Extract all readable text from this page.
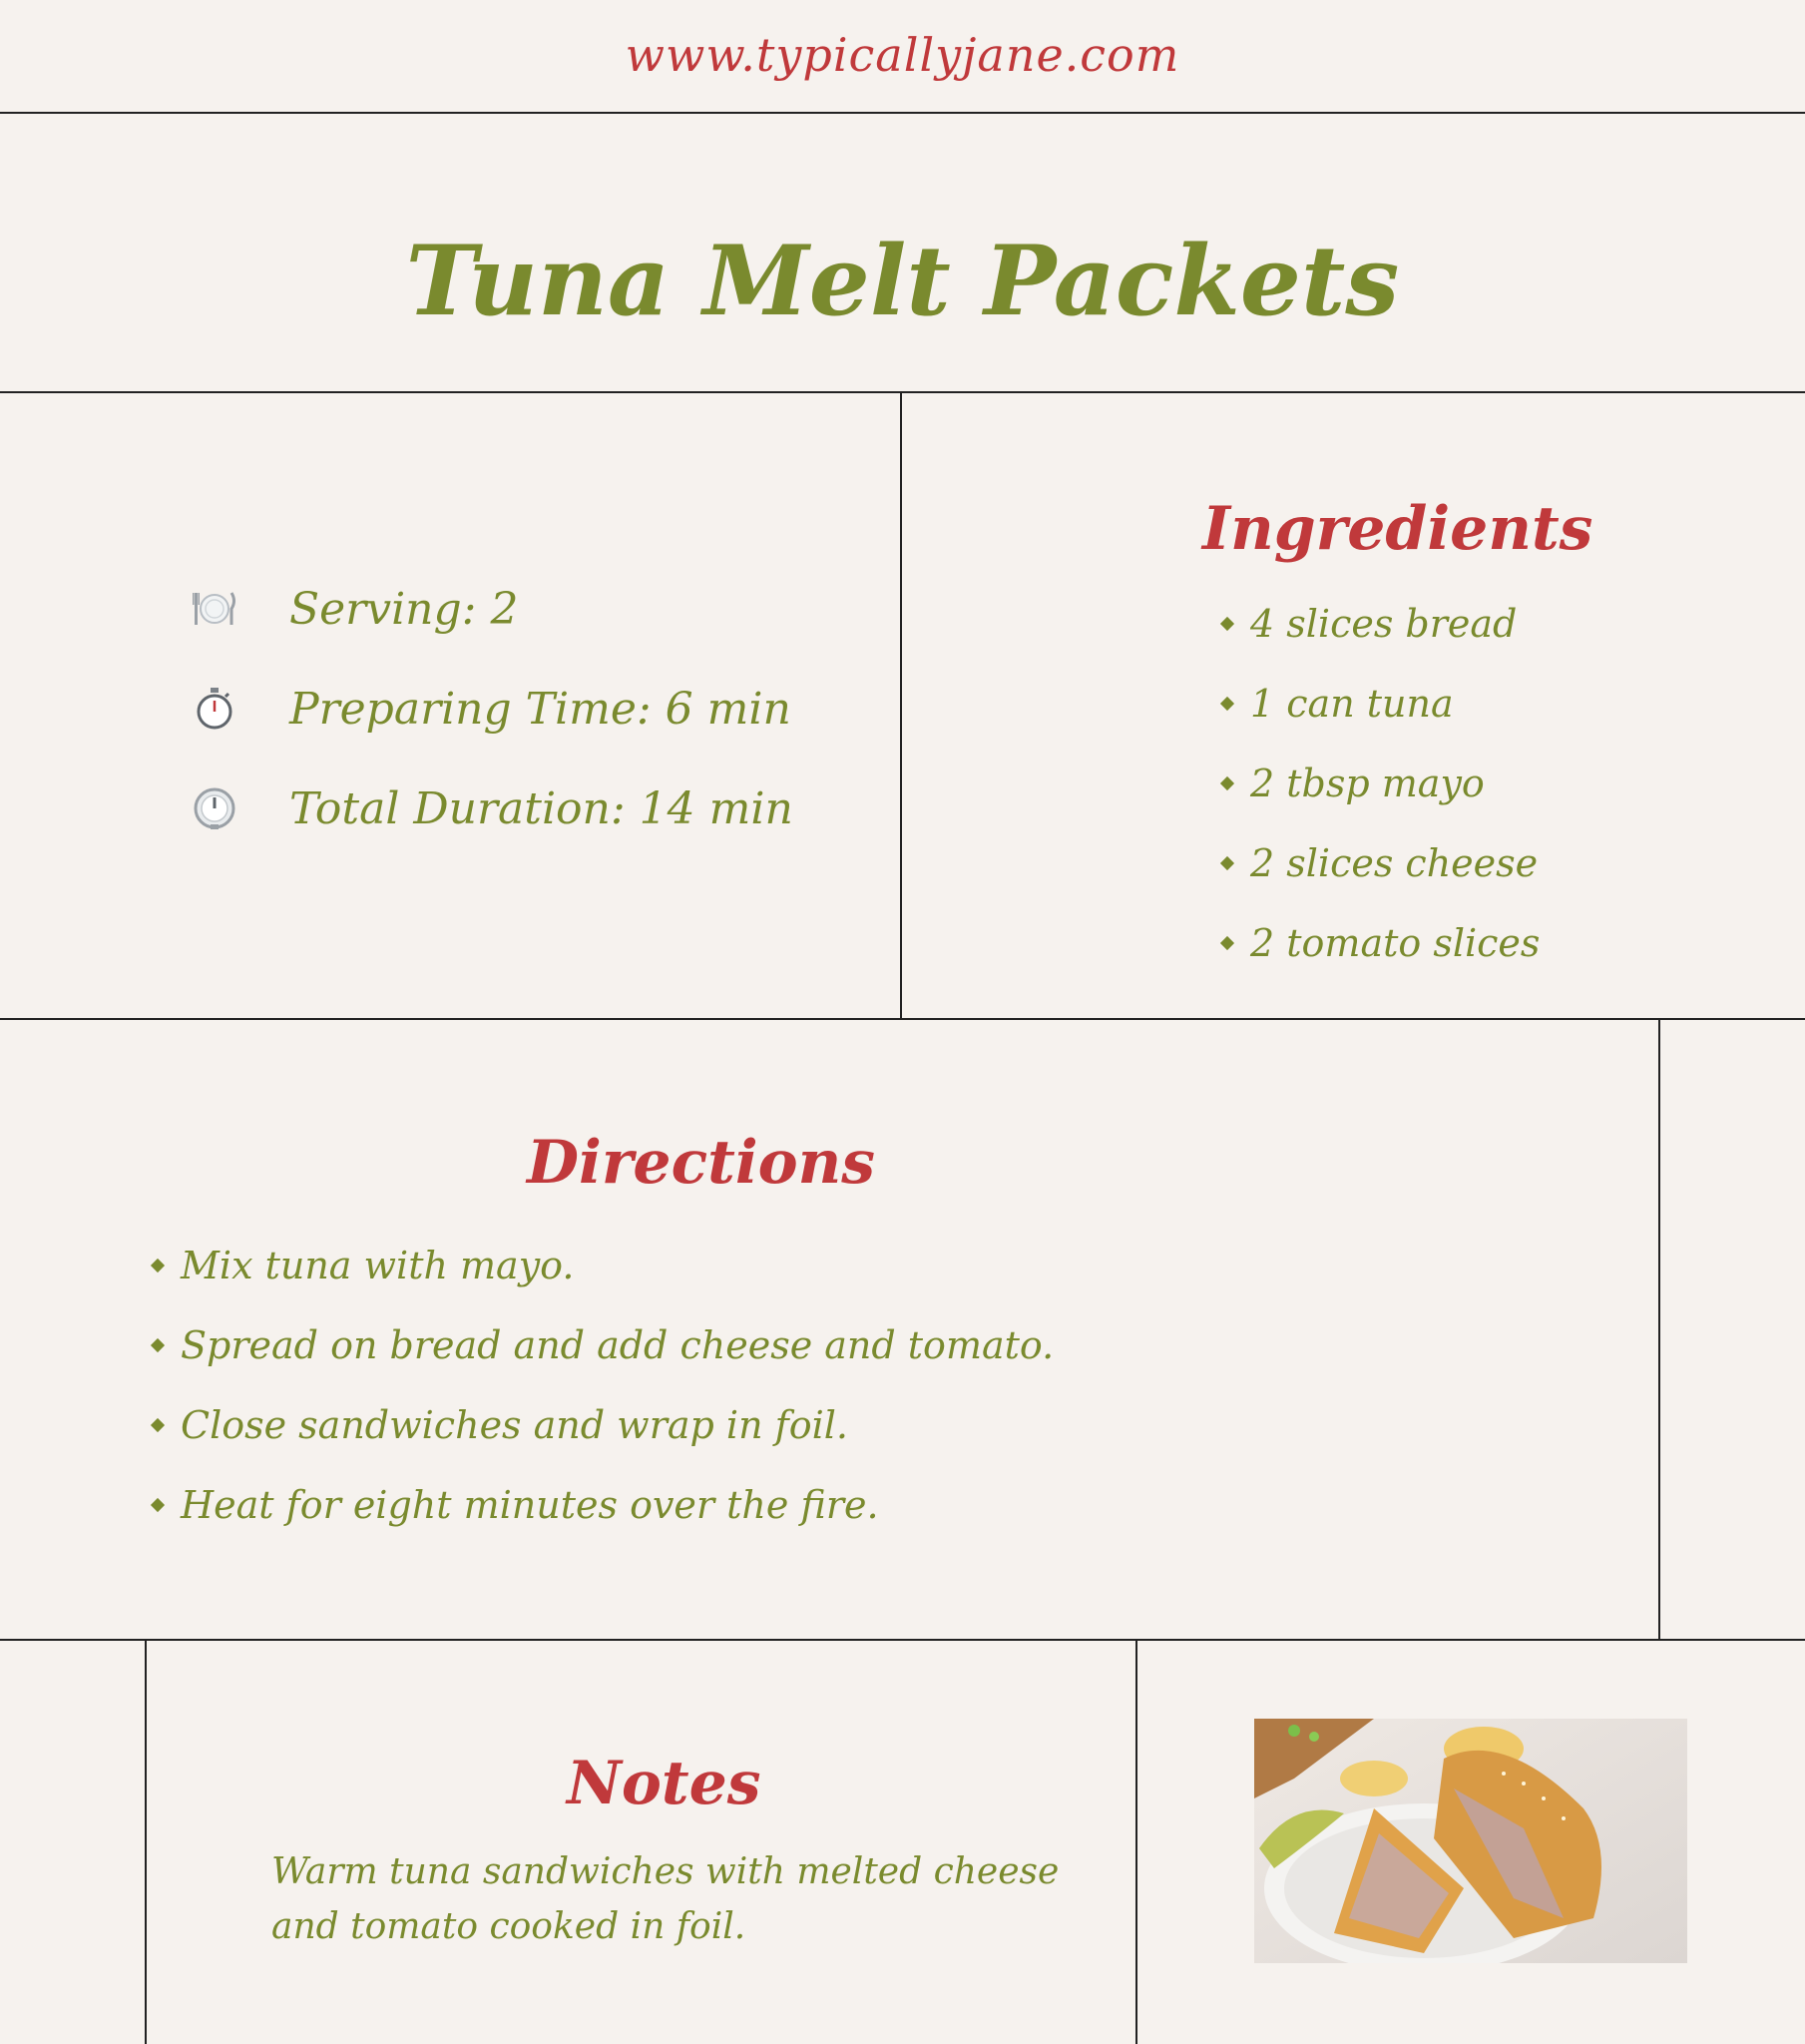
www.typicallyjane.com
Tuna Melt Packets
Serving: 2
Preparing Time: 6 min
Total Duration: 14 min
Ingredients
4 slices bread
1 can tuna
2 tbsp mayo
2 slices cheese
2 tomato slices
Directions
Mix tuna with mayo.
Spread on bread and add cheese and tomato.
Close sandwiches and wrap in foil.
Heat for eight minutes over the fire.
Notes
Warm tuna sandwiches with melted cheese and tomato cooked in foil.
